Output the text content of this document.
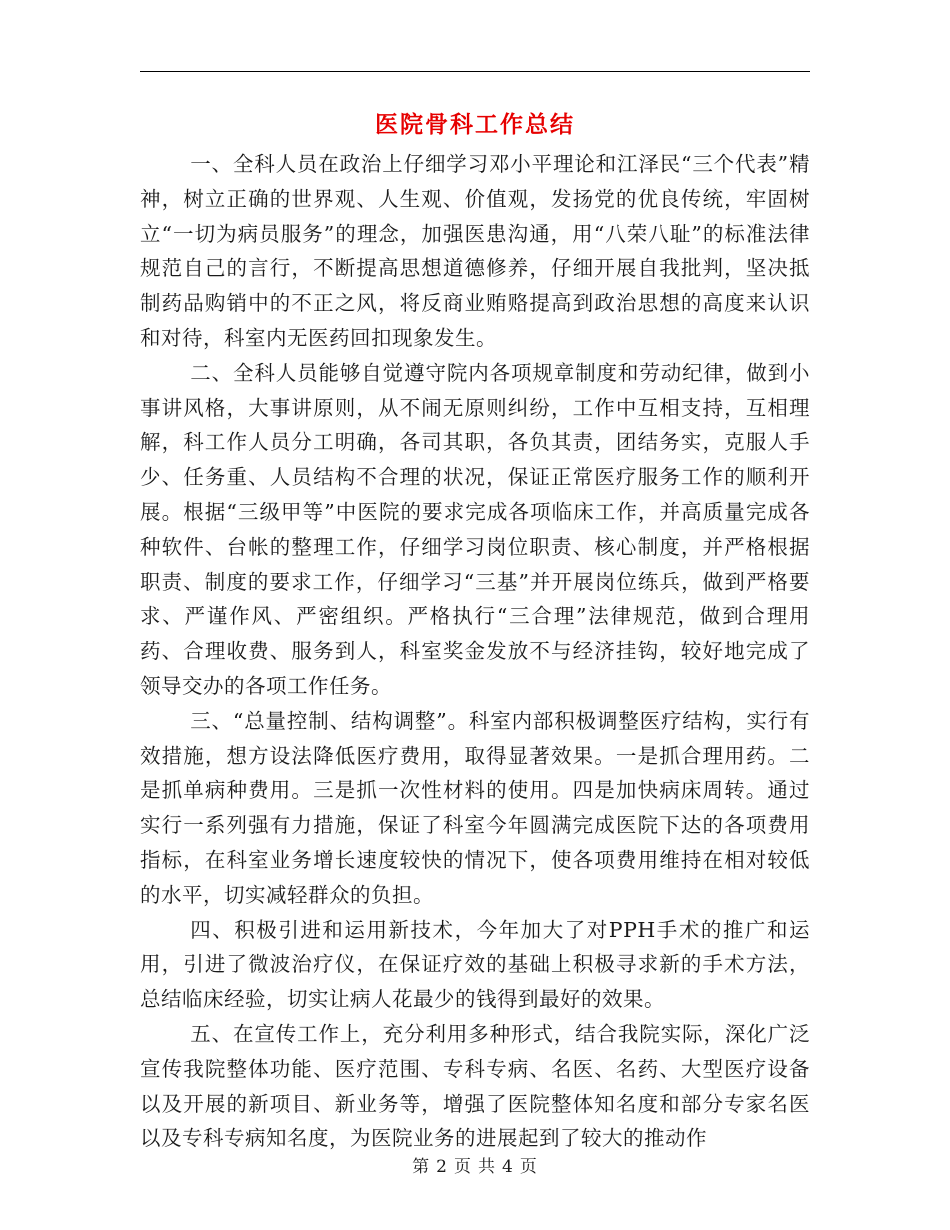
医院骨科工作总结

一、全科人员在政治上仔细学习邓小平理论和江泽民“三个代表”精神，树立正确的世界观、人生观、价值观，发扬党的优良传统，牢固树立“一切为病员服务”的理念，加强医患沟通，用“八荣八耻”的标准法律规范自己的言行，不断提高思想道德修养，仔细开展自我批判，坚决抵制药品购销中的不正之风，将反商业贿赂提高到政治思想的高度来认识和对待，科室内无医药回扣现象发生。

二、全科人员能够自觉遵守院内各项规章制度和劳动纪律，做到小事讲风格，大事讲原则，从不闹无原则纠纷，工作中互相支持，互相理解，科工作人员分工明确，各司其职，各负其责，团结务实，克服人手少、任务重、人员结构不合理的状况，保证正常医疗服务工作的顺利开展。根据“三级甲等”中医院的要求完成各项临床工作，并高质量完成各种软件、台帐的整理工作，仔细学习岗位职责、核心制度，并严格根据职责、制度的要求工作，仔细学习“三基”并开展岗位练兵，做到严格要求、严谨作风、严密组织。严格执行“三合理”法律规范，做到合理用药、合理收费、服务到人，科室奖金发放不与经济挂钩，较好地完成了领导交办的各项工作任务。

三、“总量控制、结构调整”。科室内部积极调整医疗结构，实行有效措施，想方设法降低医疗费用，取得显著效果。一是抓合理用药。二是抓单病种费用。三是抓一次性材料的使用。四是加快病床周转。通过实行一系列强有力措施，保证了科室今年圆满完成医院下达的各项费用指标，在科室业务增长速度较快的情况下，使各项费用维持在相对较低的水平，切实减轻群众的负担。

四、积极引进和运用新技术，今年加大了对PPH手术的推广和运用，引进了微波治疗仪，在保证疗效的基础上积极寻求新的手术方法，总结临床经验，切实让病人花最少的钱得到最好的效果。

五、在宣传工作上，充分利用多种形式，结合我院实际，深化广泛宣传我院整体功能、医疗范围、专科专病、名医、名药、大型医疗设备以及开展的新项目、新业务等，增强了医院整体知名度和部分专家名医以及专科专病知名度，为医院业务的进展起到了较大的推动作

第 2 页 共 4 页
